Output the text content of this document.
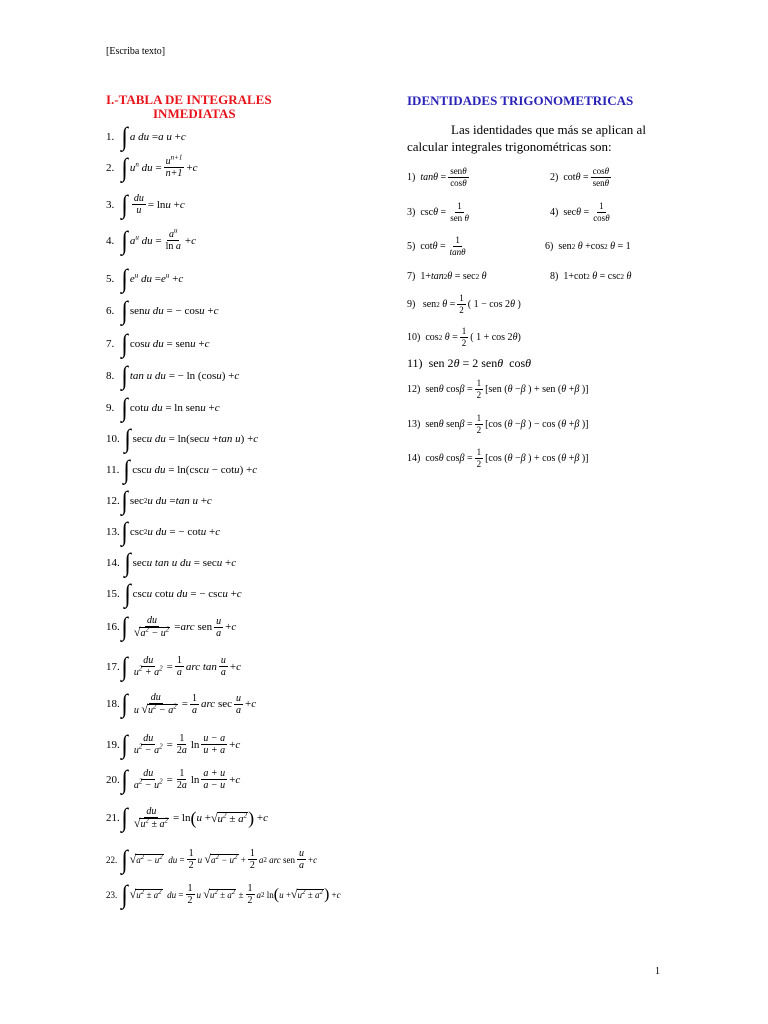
[Escriba texto]
I.-TABLA DE INTEGRALES
INMEDIATAS
IDENTIDADES TRIGONOMETRICAS
Las identidades que más se aplican al
calcular integrales trigonométricas son:
1.
∫ a du = a u + c
2.
∫ $u^n$ du = $u^{n+1}$
n+1 + c
3.
∫ du
u = ln u + c
4.
∫ $a^u$ du = $a^u$
ln a + c
5.
∫ $e^u$ du = $e^u + c$
6.
∫ sen u du = − cos u + c
7.
∫ cos u du = sen u + c
8.
∫ tan u du = − ln (cos u ) + c
9.
∫ cot u du = ln sen u + c
10.
∫ sec u du = ln(sec u + tan u ) + c
11.
∫ csc u du = ln(csc u − cot u ) + c
12. ∫ sec 2 u du = tan u + c
13. ∫ csc 2 u du = − cot u + c
14.
∫ sec u
tan u du = sec u + c
15.
∫ csc u cot u du = − csc u + c
16. ∫ du
$√a^2 - u^2$ = arc sen u
a + c
17. ∫ du
$u^2 + a^2 = 1$
a arc tan u
a + c
18. ∫ du
u $√u^2 - a^2 = 1$
a arc sec u
a + c
19. ∫ du
$u^2 - a^2 = 1$
2a ln u − a
u + a + c
20. ∫ du
$a^2 - u^2 = 1$
2a ln a + u
a − u + c
21. ∫ du
$√u^2 \pm a^2 = \ln$ ( u + √ $u^2 \pm a^2$ ) + c
22.
∫ √ $a^2 - u^2$
du =
1
2
u
√ $a^2 - u^2$ +
1
2
a 2
arc sen
u
a
+ c
23.
∫ √ $u^2 \pm a^2$
du =
1
2
u
√ $u^2 \pm a^2$ ±
1
2
a 2 ln ( u + √ $u^2 \pm a^2$ ) + c
1)
tanθ =
senθ
cosθ	2) cot θ =
cosθ
senθ
3) csc θ =
1
sen θ	4) sec θ =
1
cosθ
5) cot θ =
1
tanθ	6) sen 2
θ +cos 2
θ = 1
7) 1+ tan 2 θ = sec 2
θ	8) 1+cot 2
θ = csc 2
θ
9) sen 2
θ =
1
2 ( 1 − cos 2 θ )
10) cos 2
θ =
1
2 ( 1 + cos 2 θ )
11) sen 2 θ = 2 sen θ cos θ
12) sen θ cos β =
1
2 [sen ( θ − β ) + sen ( θ + β )]
13) sen θ sen β =
1
2 [cos ( θ − β ) − cos ( θ + β )]
14) cos θ cos β =
1
2 [cos ( θ − β ) + cos ( θ + β )]
1
